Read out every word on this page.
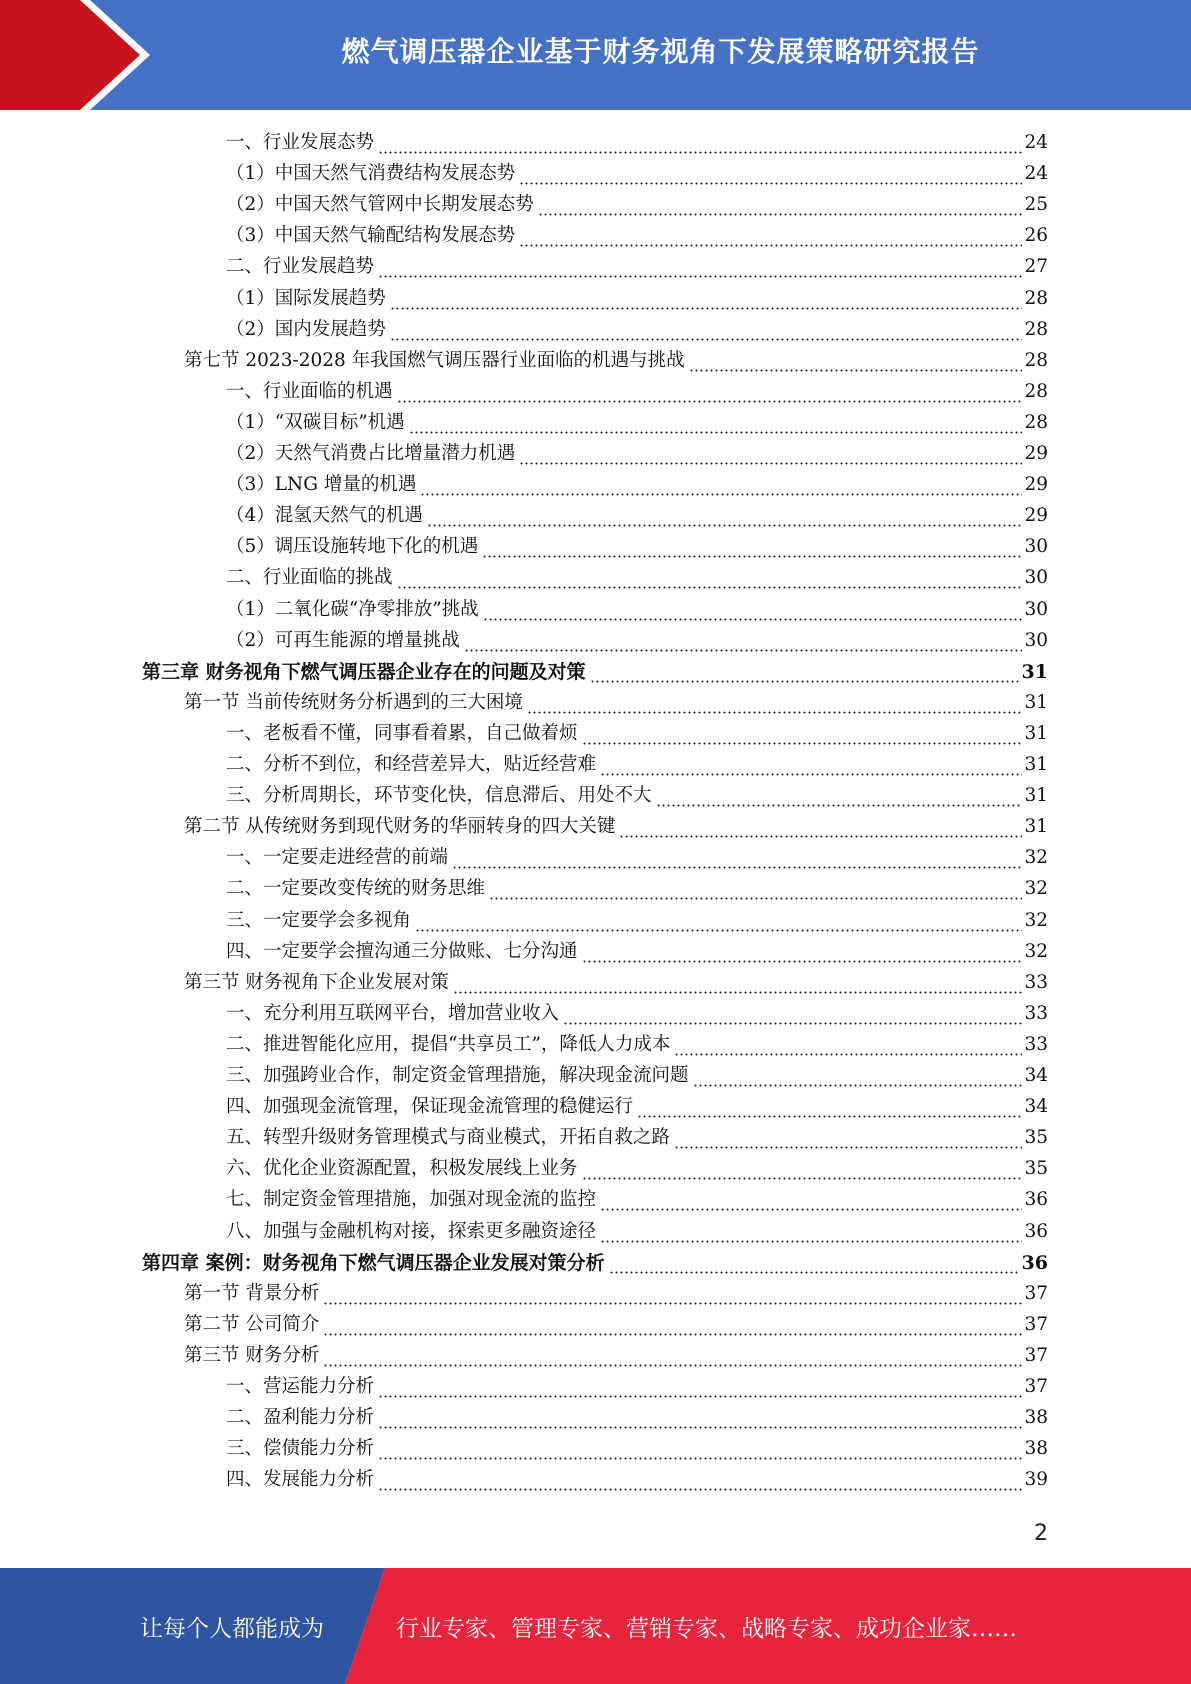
燃气调压器企业基于财务视角下发展策略研究报告
一、行业发展态势	24
（1）中国天然气消费结构发展态势	24
（2）中国天然气管网中长期发展态势	25
（3）中国天然气输配结构发展态势	26
二、行业发展趋势	27
（1）国际发展趋势	28
（2）国内发展趋势	28
第七节 2023-2028 年我国燃气调压器行业面临的机遇与挑战	28
一、行业面临的机遇	28
（1）“双碳目标”机遇	28
（2）天然气消费占比增量潜力机遇	29
（3）LNG 增量的机遇	29
（4）混氢天然气的机遇	29
（5）调压设施转地下化的机遇	30
二、行业面临的挑战	30
（1）二氧化碳“净零排放”挑战	30
（2）可再生能源的增量挑战	30
第三章 财务视角下燃气调压器企业存在的问题及对策	31
第一节 当前传统财务分析遇到的三大困境	31
一、老板看不懂，同事看着累，自己做着烦	31
二、分析不到位，和经营差异大，贴近经营难	31
三、分析周期长，环节变化快，信息滞后、用处不大	31
第二节 从传统财务到现代财务的华丽转身的四大关键	31
一、一定要走进经营的前端	32
二、一定要改变传统的财务思维	32
三、一定要学会多视角	32
四、一定要学会擅沟通三分做账、七分沟通	32
第三节 财务视角下企业发展对策	33
一、充分利用互联网平台，增加营业收入	33
二、推进智能化应用，提倡“共享员工”，降低人力成本	33
三、加强跨业合作，制定资金管理措施，解决现金流问题	34
四、加强现金流管理，保证现金流管理的稳健运行	34
五、转型升级财务管理模式与商业模式，开拓自救之路	35
六、优化企业资源配置，积极发展线上业务	35
七、制定资金管理措施，加强对现金流的监控	36
八、加强与金融机构对接，探索更多融资途径	36
第四章 案例：财务视角下燃气调压器企业发展对策分析	36
第一节 背景分析	37
第二节 公司简介	37
第三节 财务分析	37
一、营运能力分析	37
二、盈利能力分析	38
三、偿债能力分析	38
四、发展能力分析	39
2
让每个人都能成为	行业专家、管理专家、营销专家、战略专家、成功企业家……
